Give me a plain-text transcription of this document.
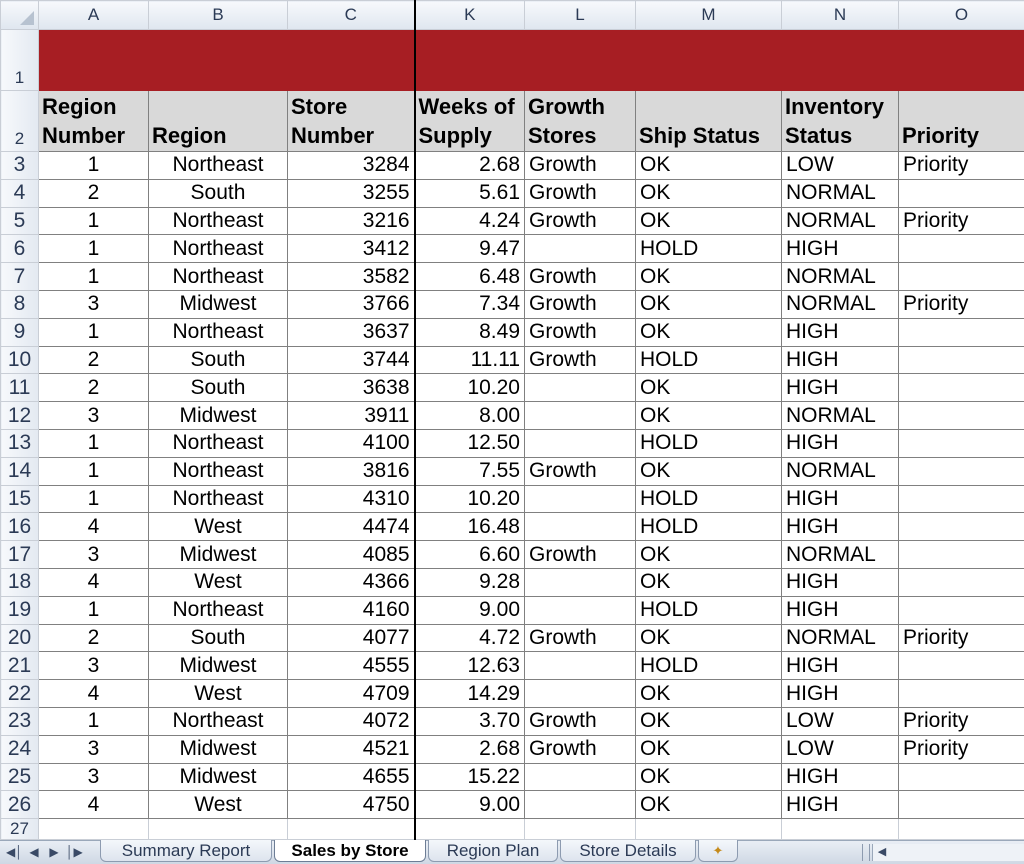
	A	B	C	K	L	M	N	O
1								
2	Region Number	Region	Store Number	Weeks of Supply	Growth Stores	Ship Status	Inventory Status	Priority
3	1	Northeast	3284	2.68	Growth	OK	LOW	Priority
4	2	South	3255	5.61	Growth	OK	NORMAL	
5	1	Northeast	3216	4.24	Growth	OK	NORMAL	Priority
6	1	Northeast	3412	9.47		HOLD	HIGH	
7	1	Northeast	3582	6.48	Growth	OK	NORMAL	
8	3	Midwest	3766	7.34	Growth	OK	NORMAL	Priority
9	1	Northeast	3637	8.49	Growth	OK	HIGH	
10	2	South	3744	11.11	Growth	HOLD	HIGH	
11	2	South	3638	10.20		OK	HIGH	
12	3	Midwest	3911	8.00		OK	NORMAL	
13	1	Northeast	4100	12.50		HOLD	HIGH	
14	1	Northeast	3816	7.55	Growth	OK	NORMAL	
15	1	Northeast	4310	10.20		HOLD	HIGH	
16	4	West	4474	16.48		HOLD	HIGH	
17	3	Midwest	4085	6.60	Growth	OK	NORMAL	
18	4	West	4366	9.28		OK	HIGH	
19	1	Northeast	4160	9.00		HOLD	HIGH	
20	2	South	4077	4.72	Growth	OK	NORMAL	Priority
21	3	Midwest	4555	12.63		HOLD	HIGH	
22	4	West	4709	14.29		OK	HIGH	
23	1	Northeast	4072	3.70	Growth	OK	LOW	Priority
24	3	Midwest	4521	2.68	Growth	OK	LOW	Priority
25	3	Midwest	4655	15.22		OK	HIGH	
26	4	West	4750	9.00		OK	HIGH	
27								
◀│ ◀ ▶ │▶	Summary Report	Sales by Store	Region Plan	Store Details	✦	◀
